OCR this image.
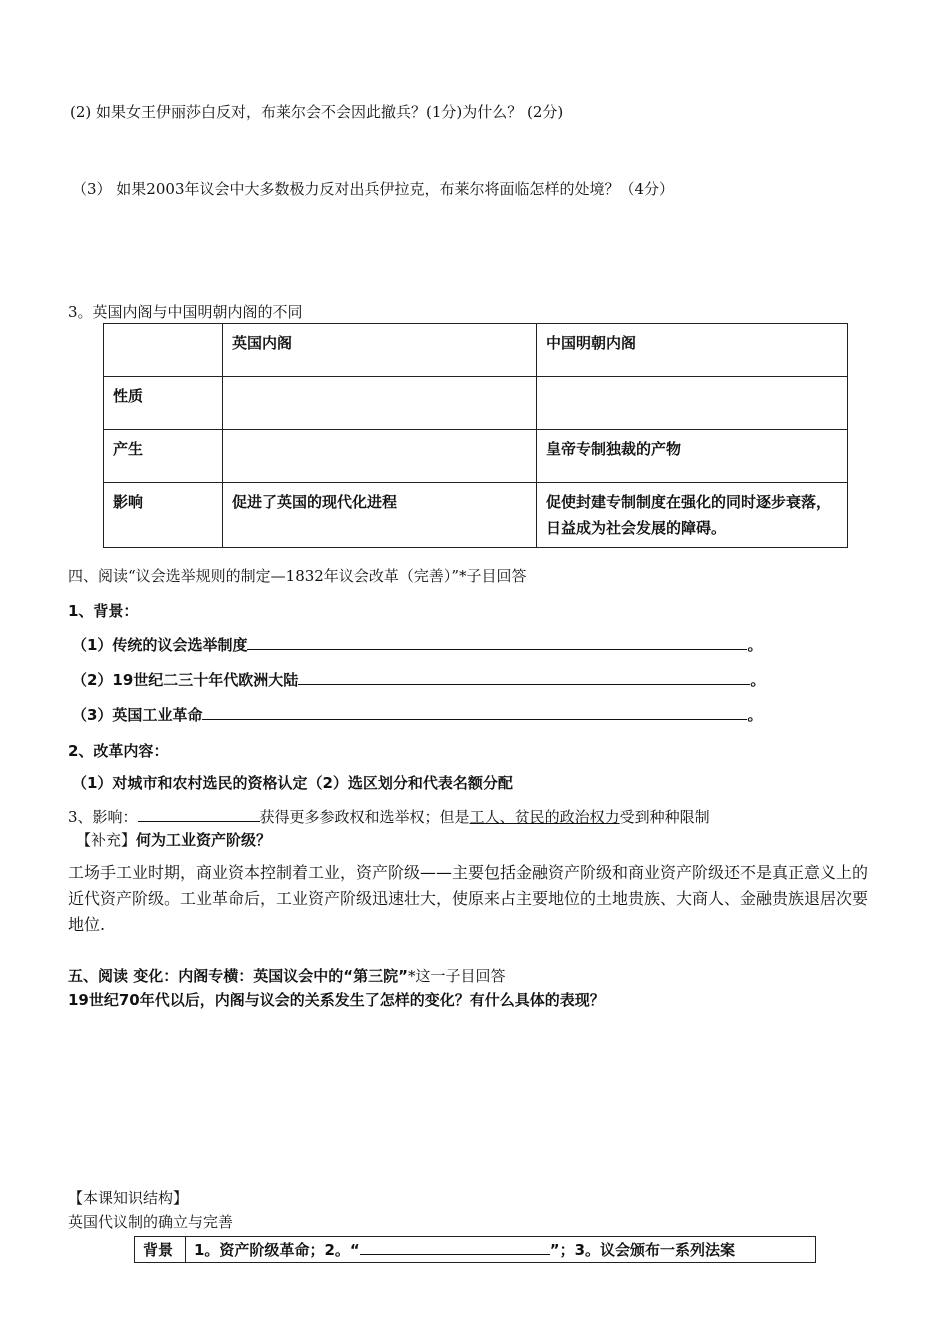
(2) 如果女王伊丽莎白反对，布莱尔会不会因此撤兵？(1分)为什么？ (2分)
（3） 如果2003年议会中大多数极力反对出兵伊拉克，布莱尔将面临怎样的处境？（4分）
3。英国内阁与中国明朝内阁的不同
	英国内阁	中国明朝内阁
性质		
产生		皇帝专制独裁的产物
影响	促进了英国的现代化进程	促使封建专制制度在强化的同时逐步衰落，日益成为社会发展的障碍。
四、阅读“议会选举规则的制定—1832年议会改革（完善）”*子目回答
1、背景：
（1）传统的议会选举制度	。
（2）19世纪二三十年代欧洲大陆	。
（3）英国工业革命	。
2、改革内容：
（1）对城市和农村选民的资格认定（2）选区划分和代表名额分配
3、影响：	获得更多参政权和选举权；但是工人、贫民的政治权力受到种种限制
【补充】何为工业资产阶级？
工场手工业时期，商业资本控制着工业，资产阶级——主要包括金融资产阶级和商业资产阶级还不是真正意义上的近代资产阶级。工业革命后，工业资产阶级迅速壮大，使原来占主要地位的土地贵族、大商人、金融贵族退居次要地位.
五、阅读 变化：内阁专横：英国议会中的“第三院”*这一子目回答
19世纪70年代以后，内阁与议会的关系发生了怎样的变化？有什么具体的表现？
【本课知识结构】
英国代议制的确立与完善
背景	1。资产阶级革命；2。“	”；3。议会颁布一系列法案
